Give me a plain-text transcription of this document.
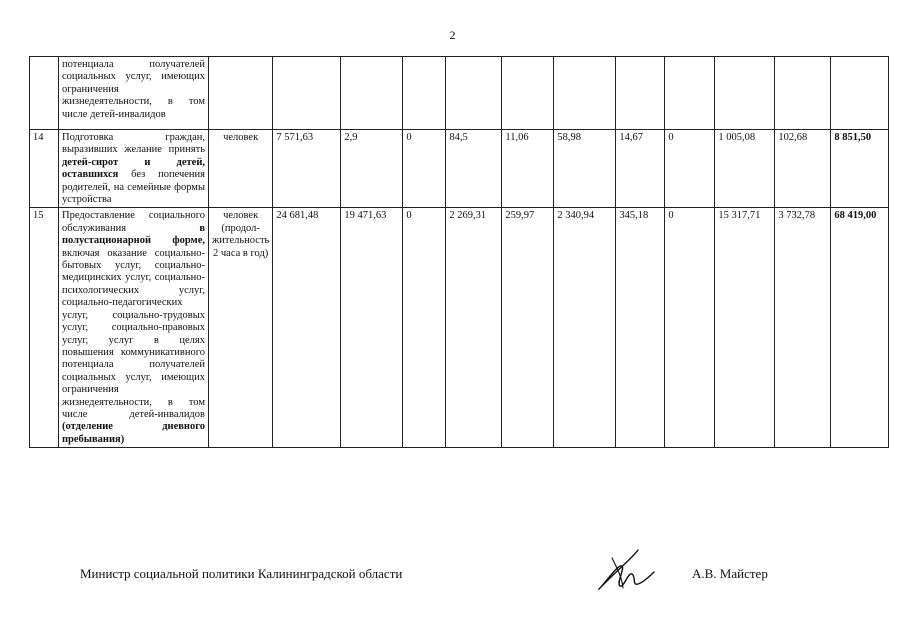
2
	потенциала получателей социальных услуг, имеющих ограничения жизнедеятельности, в том числе детей-инвалидов												
14	Подготовка граждан, выразивших желание принять детей-сирот и детей, оставшихся без попечения родителей, на семейные формы устройства	человек	7 571,63	2,9	0	84,5	11,06	58,98	14,67	0	1 005,08	102,68	8 851,50
15	Предоставление социального обслуживания в полустационарной форме, включая оказание социально-бытовых услуг, социально-медицинских услуг, социально-психологических услуг, социально-педагогических услуг, социально-трудовых услуг, социально-правовых услуг, услуг в целях повышения коммуникативного потенциала получателей социальных услуг, имеющих ограничения жизнедеятельности, в том числе детей-инвалидов (отделение дневного пребывания)	человек (продол-жительность 2 часа в год)	24 681,48	19 471,63	0	2 269,31	259,97	2 340,94	345,18	0	15 317,71	3 732,78	68 419,00
Министр социальной политики Калининградской области	А.В. Майстер
